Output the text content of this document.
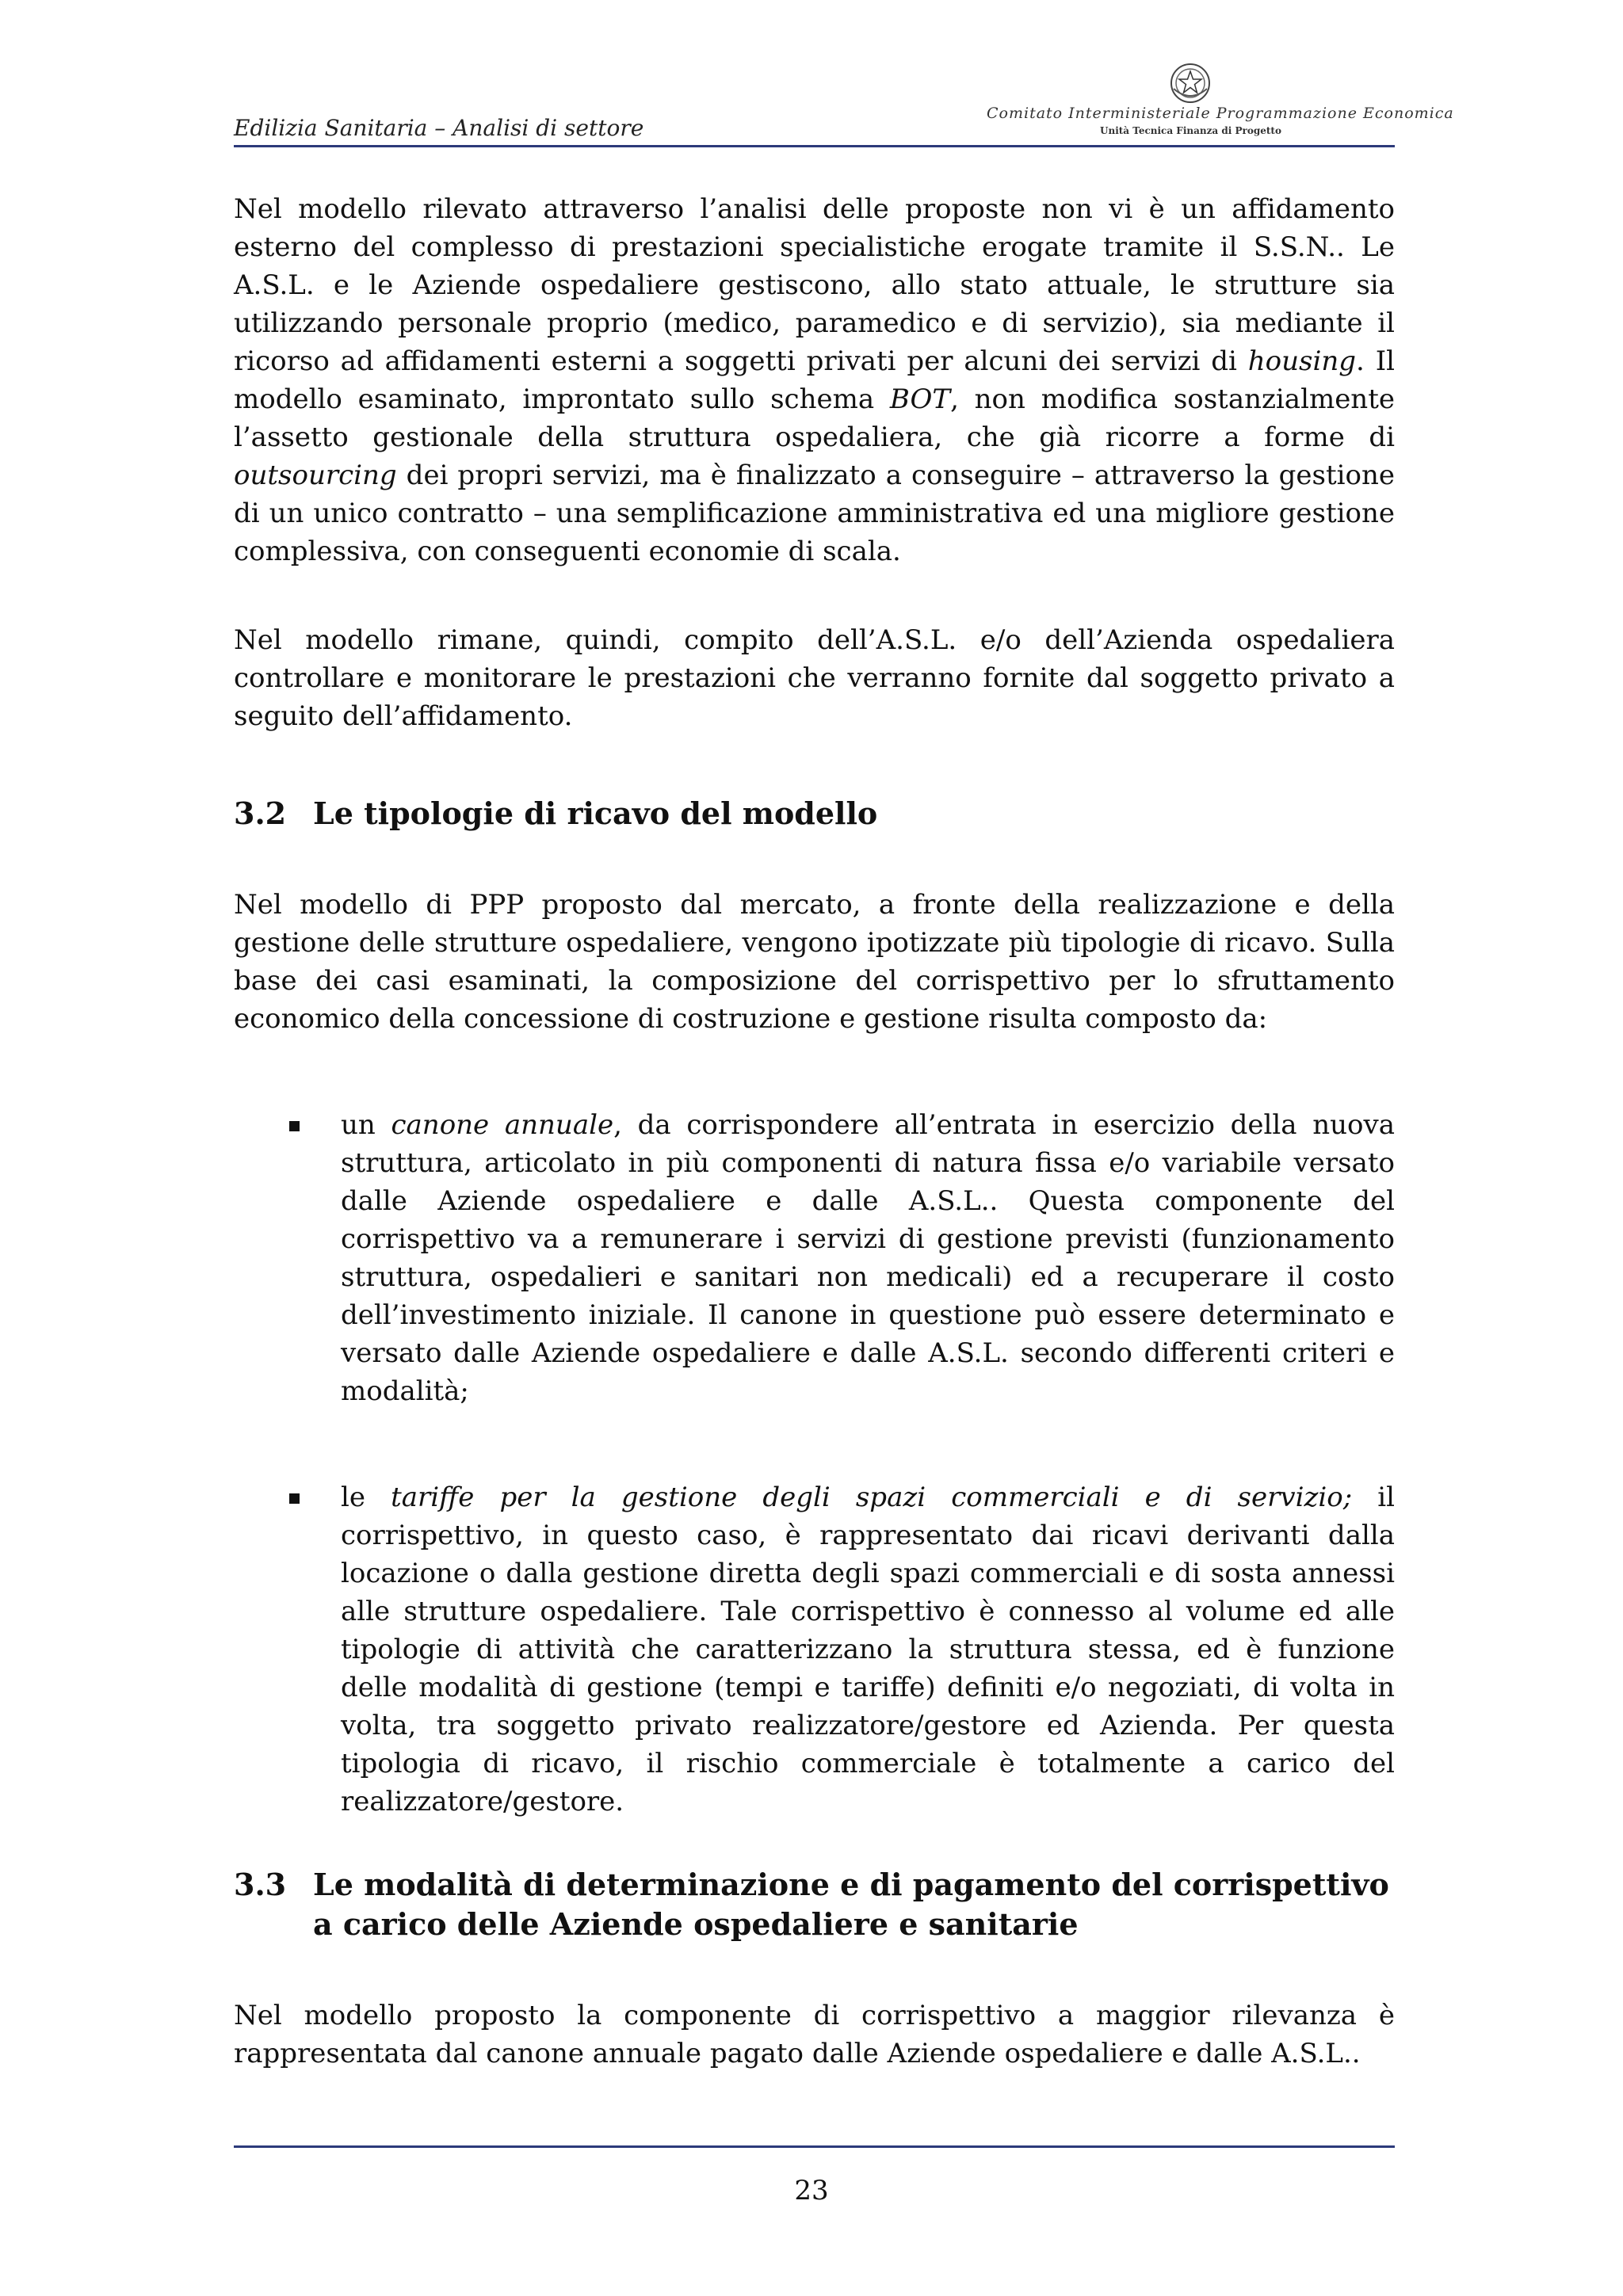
Edilizia Sanitaria – Analisi di settore
Comitato Interministeriale Programmazione Economica
Unità Tecnica Finanza di Progetto

Nel modello rilevato attraverso l’analisi delle proposte non vi è un affidamento esterno del complesso di prestazioni specialistiche erogate tramite il S.S.N.. Le A.S.L. e le Aziende ospedaliere gestiscono, allo stato attuale, le strutture sia utilizzando personale proprio (medico, paramedico e di servizio), sia mediante il ricorso ad affidamenti esterni a soggetti privati per alcuni dei servizi di housing. Il modello esaminato, improntato sullo schema BOT, non modifica sostanzialmente l’assetto gestionale della struttura ospedaliera, che già ricorre a forme di outsourcing dei propri servizi, ma è finalizzato a conseguire – attraverso la gestione di un unico contratto – una semplificazione amministrativa ed una migliore gestione complessiva, con conseguenti economie di scala.

Nel modello rimane, quindi, compito dell’A.S.L. e/o dell’Azienda ospedaliera controllare e monitorare le prestazioni che verranno fornite dal soggetto privato a seguito dell’affidamento.

3.2 Le tipologie di ricavo del modello

Nel modello di PPP proposto dal mercato, a fronte della realizzazione e della gestione delle strutture ospedaliere, vengono ipotizzate più tipologie di ricavo. Sulla base dei casi esaminati, la composizione del corrispettivo per lo sfruttamento economico della concessione di costruzione e gestione risulta composto da:

un canone annuale, da corrispondere all’entrata in esercizio della nuova struttura, articolato in più componenti di natura fissa e/o variabile versato dalle Aziende ospedaliere e dalle A.S.L.. Questa componente del corrispettivo va a remunerare i servizi di gestione previsti (funzionamento struttura, ospedalieri e sanitari non medicali) ed a recuperare il costo dell’investimento iniziale. Il canone in questione può essere determinato e versato dalle Aziende ospedaliere e dalle A.S.L. secondo differenti criteri e modalità;

le tariffe per la gestione degli spazi commerciali e di servizio; il corrispettivo, in questo caso, è rappresentato dai ricavi derivanti dalla locazione o dalla gestione diretta degli spazi commerciali e di sosta annessi alle strutture ospedaliere. Tale corrispettivo è connesso al volume ed alle tipologie di attività che caratterizzano la struttura stessa, ed è funzione delle modalità di gestione (tempi e tariffe) definiti e/o negoziati, di volta in volta, tra soggetto privato realizzatore/gestore ed Azienda. Per questa tipologia di ricavo, il rischio commerciale è totalmente a carico del realizzatore/gestore.

3.3 Le modalità di determinazione e di pagamento del corrispettivo a carico delle Aziende ospedaliere e sanitarie

Nel modello proposto la componente di corrispettivo a maggior rilevanza è rappresentata dal canone annuale pagato dalle Aziende ospedaliere e dalle A.S.L..

23
